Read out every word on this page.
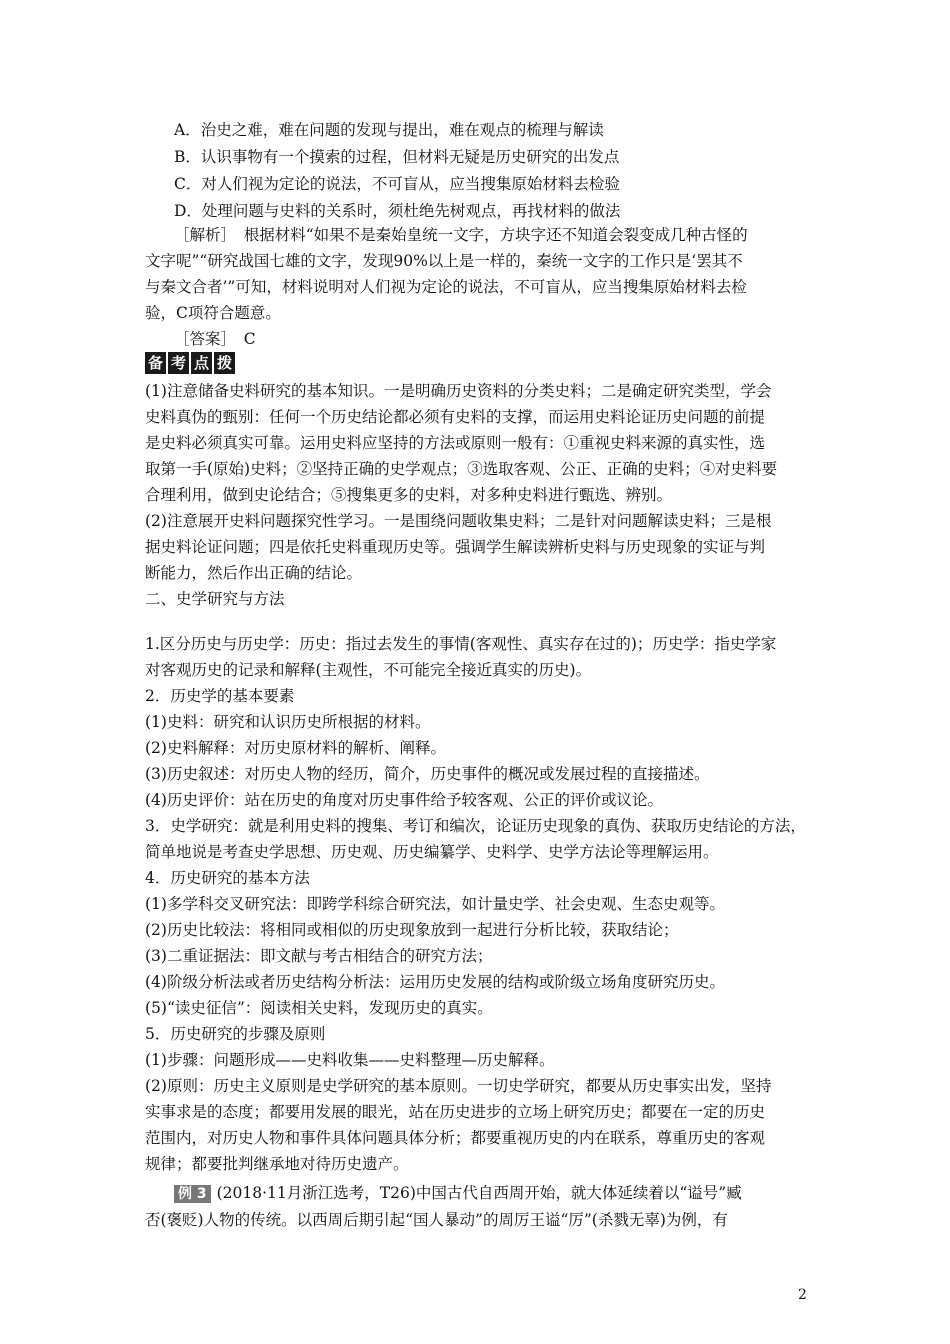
A．治史之难，难在问题的发现与提出，难在观点的梳理与解读
B．认识事物有一个摸索的过程，但材料无疑是历史研究的出发点
C．对人们视为定论的说法，不可盲从，应当搜集原始材料去检验
D．处理问题与史料的关系时，须杜绝先树观点，再找材料的做法
［解析］　根据材料“如果不是秦始皇统一文字，方块字还不知道会裂变成几种古怪的
文字呢”“研究战国七雄的文字，发现90%以上是一样的，秦统一文字的工作只是‘罢其不
与秦文合者’”可知，材料说明对人们视为定论的说法，不可盲从，应当搜集原始材料去检
验，C项符合题意。
［答案］　C
备 考 点 拨
(1)注意储备史料研究的基本知识。一是明确历史资料的分类史料；二是确定研究类型，学会
史料真伪的甄别：任何一个历史结论都必须有史料的支撑，而运用史料论证历史问题的前提
是史料必须真实可靠。运用史料应坚持的方法或原则一般有：①重视史料来源的真实性，选
取第一手(原始)史料；②坚持正确的史学观点；③选取客观、公正、正确的史料；④对史料要
合理利用，做到史论结合；⑤搜集更多的史料，对多种史料进行甄选、辨别。
(2)注意展开史料问题探究性学习。一是围绕问题收集史料；二是针对问题解读史料；三是根
据史料论证问题；四是依托史料重现历史等。强调学生解读辨析史料与历史现象的实证与判
断能力，然后作出正确的结论。
二、史学研究与方法
1.区分历史与历史学：历史：指过去发生的事情(客观性、真实存在过的)；历史学：指史学家
对客观历史的记录和解释(主观性，不可能完全接近真实的历史)。
2．历史学的基本要素
(1)史料：研究和认识历史所根据的材料。
(2)史料解释：对历史原材料的解析、阐释。
(3)历史叙述：对历史人物的经历，简介，历史事件的概况或发展过程的直接描述。
(4)历史评价：站在历史的角度对历史事件给予较客观、公正的评价或议论。
3．史学研究：就是利用史料的搜集、考订和编次，论证历史现象的真伪、获取历史结论的方法，
简单地说是考查史学思想、历史观、历史编纂学、史料学、史学方法论等理解运用。
4．历史研究的基本方法
(1)多学科交叉研究法：即跨学科综合研究法，如计量史学、社会史观、生态史观等。
(2)历史比较法：将相同或相似的历史现象放到一起进行分析比较，获取结论；
(3)二重证据法：即文献与考古相结合的研究方法；
(4)阶级分析法或者历史结构分析法：运用历史发展的结构或阶级立场角度研究历史。
(5)“读史征信”：阅读相关史料，发现历史的真实。
5．历史研究的步骤及原则
(1)步骤：问题形成——史料收集——史料整理—历史解释。
(2)原则：历史主义原则是史学研究的基本原则。一切史学研究，都要从历史事实出发，坚持
实事求是的态度；都要用发展的眼光，站在历史进步的立场上研究历史；都要在一定的历史
范围内，对历史人物和事件具体问题具体分析；都要重视历史的内在联系，尊重历史的客观
规律；都要批判继承地对待历史遗产。
例 3 (2018·11月浙江选考，T26)中国古代自西周开始，就大体延续着以“谥号”臧
否(褒贬)人物的传统。以西周后期引起“国人暴动”的周厉王谥“厉”(杀戮无辜)为例，有
2
